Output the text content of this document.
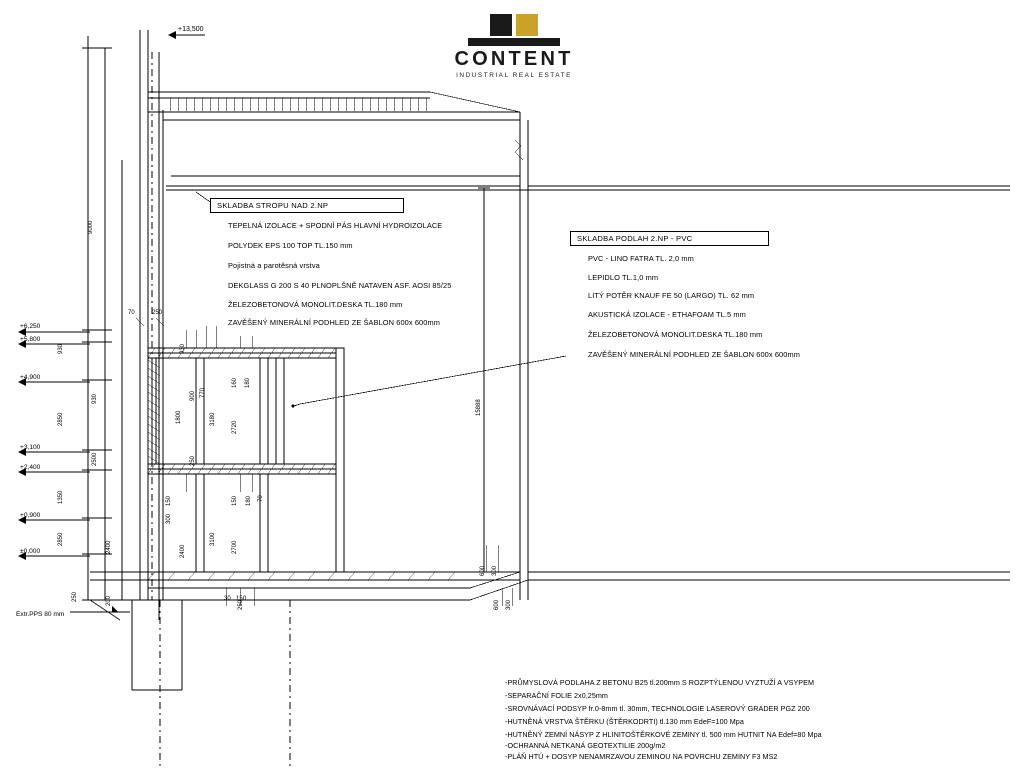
CONTENT
INDUSTRIAL REAL ESTATE
+13,500
SKLADBA STROPU NAD 2.NP
TEPELNÁ IZOLACE + SPODNÍ PÁS HLAVNÍ HYDROIZOLACE
POLYDEK EPS 100 TOP TL.150 mm
Pojistná a parotěsná vrstva
DEKGLASS G 200 S 40 PLNOPLŠNĚ NATAVEN ASF. AOSI 85/25
ŽELEZOBETONOVÁ MONOLIT.DESKA TL.180 mm
ZAVĚŠENÝ MINERÁLNÍ PODHLED ZE ŠABLON 600x 600mm
SKLADBA PODLAH 2.NP - PVC
PVC - LINO FATRA TL. 2,0 mm
LEPIDLO TL.1,0 mm
LITÝ POTĚR KNAUF FE 50 (LARGO) TL. 62 mm
AKUSTICKÁ IZOLACE - ETHAFOAM TL.5 mm
ŽELEZOBETONOVÁ MONOLIT.DESKA TL.180 mm
ZAVĚŠENÝ MINERÁLNÍ PODHLED ZE ŠABLON 600x 600mm
+6,250
+5,800
+4,900
+3,100
+2,400
+0,900
±0,000
2850
2500
2850
1350
930
930
2400	2400
9000
70	250
930
900 770
160 180
3180
2720
1800
250
150
300
150 180 70
3100
2700
200
250	30 150
250
600 300
600 300
15888
Extr.PPS 80 mm
-PRŮMYSLOVÁ PODLAHA Z BETONU B25 tl.200mm S ROZPTÝLENOU VYZTUŽÍ A VSYPEM
-SEPARAČNÍ FOLIE 2x0,25mm
-SROVNÁVACÍ PODSYP fr.0-8mm tl. 30mm, TECHNOLOGIE LASEROVÝ GRADER PGZ 200
-HUTNĚNÁ VRSTVA ŠTĚRKU (ŠTĚRKODRTI) tl.130 mm EdeF=100 Mpa
-HUTNĚNÝ ZEMNÍ NÁSYP Z HLINITOŠTĚRKOVÉ ZEMINY tl. 500 mm HUTNIT NA Edef=80 Mpa
-OCHRANNÁ NETKANÁ GEOTEXTILIE 200g/m2
-PLÁŇ HTÚ + DOSYP NENAMRZAVOU ZEMINOU NA POVRCHU ZEMINY F3 MS2
